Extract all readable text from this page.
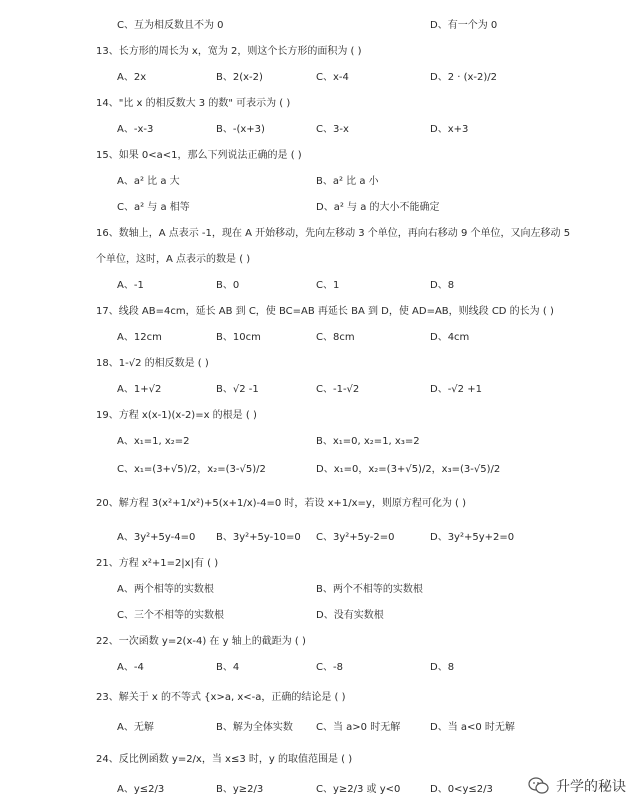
C、互为相反数且不为 0	D、有一个为 0
13、长方形的周长为 x，宽为 2，则这个长方形的面积为 ( )
A、2x	B、2(x-2)	C、x-4	D、2 · (x-2)/2
14、"比 x 的相反数大 3 的数" 可表示为 ( )
A、-x-3	B、-(x+3)	C、3-x	D、x+3
15、如果 0<a<1，那么下列说法正确的是 ( )
A、a² 比 a 大	B、a² 比 a 小
C、a² 与 a 相等	D、a² 与 a 的大小不能确定
A、-1	B、0	C、1	D、8
17、线段 AB=4cm，延长 AB 到 C，使 BC=AB 再延长 BA 到 D，使 AD=AB，则线段 CD 的长为 ( )
A、12cm	B、10cm	C、8cm	D、4cm
18、1-√2 的相反数是 ( )
A、1+√2	B、√2 -1	C、-1-√2	D、-√2 +1
19、方程 x(x-1)(x-2)=x 的根是 ( )
A、x₁=1, x₂=2	B、x₁=0, x₂=1, x₃=2
C、x₁=(3+√5)/2，x₂=(3-√5)/2	D、x₁=0，x₂=(3+√5)/2，x₃=(3-√5)/2
20、解方程 3(x²+1/x²)+5(x+1/x)-4=0 时，若设 x+1/x=y，则原方程可化为 ( )
A、3y²+5y-4=0 B、3y²+5y-10=0 C、3y²+5y-2=0	D、3y²+5y+2=0
21、方程 x²+1=2|x|有 ( )
A、两个相等的实数根	B、两个不相等的实数根
C、三个不相等的实数根	D、没有实数根
22、一次函数 y=2(x-4) 在 y 轴上的截距为 ( )
A、-4	B、4	C、-8	D、8
23、解关于 x 的不等式 {x>a, x<-a，正确的结论是 ( )
A、无解	B、解为全体实数 C、当 a>0 时无解	D、当 a<0 时无解
24、反比例函数 y=2/x，当 x≤3 时，y 的取值范围是 ( )
A、y≤2/3	B、y≥2/3	C、y≥2/3 或 y<0	D、0<y≤2/3
16、数轴上，A 点表示 -1，现在 A 开始移动，先向左移动 3 个单位，再向右移动 9 个单位，又向左移动 5
个单位，这时，A 点表示的数是 ( )
升学的秘诀
